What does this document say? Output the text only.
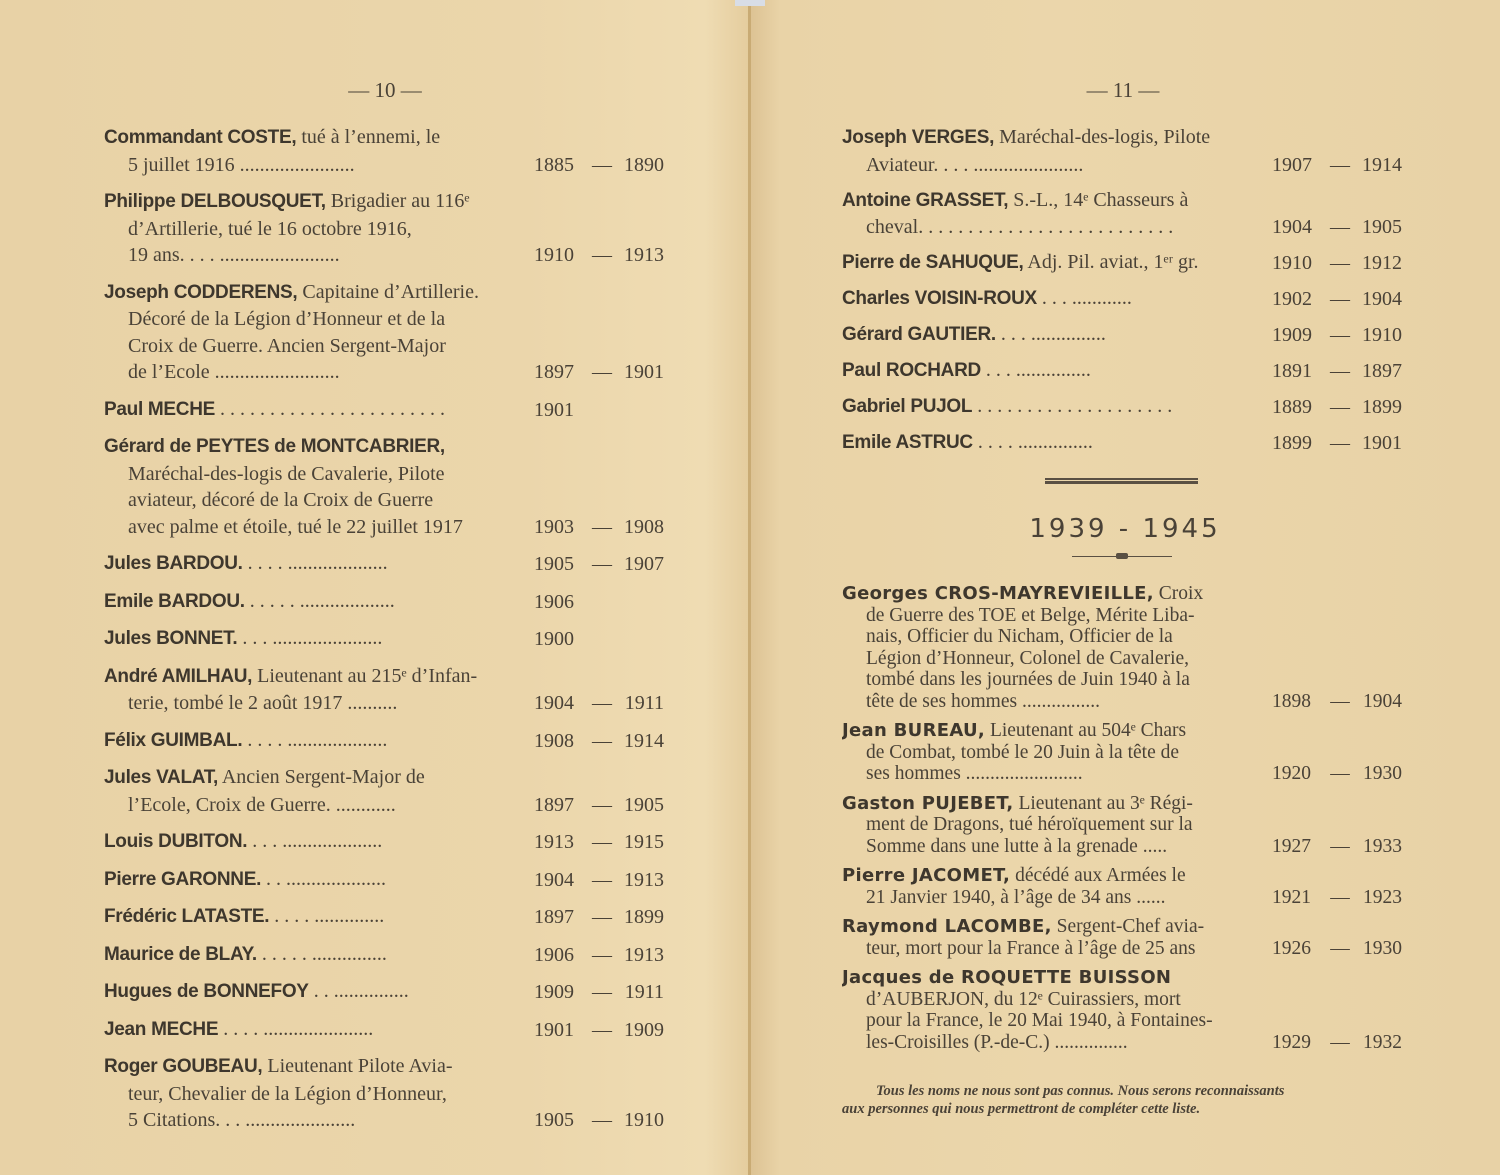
— 10 —	— 11 —
Commandant COSTE, tué à l’ennemi, le
5 juillet 1916 .......................	1885 — 1890
Philippe DELBOUSQUET, Brigadier au 116ᵉ
d’Artillerie, tué le 16 octobre 1916,
19 ans. . . . ........................	1910 — 1913
Joseph CODDERENS, Capitaine d’Artillerie.
Décoré de la Légion d’Honneur et de la
Croix de Guerre. Ancien Sergent-Major
de l’Ecole .........................	1897 — 1901
Paul MECHE . . . . . . . . . . . . . . . . . . . . . . .	1901
Gérard de PEYTES de MONTCABRIER,
Maréchal-des-logis de Cavalerie, Pilote
aviateur, décoré de la Croix de Guerre
avec palme et étoile, tué le 22 juillet 1917	1903 — 1908
Jules BARDOU. . . . . ....................	1905 — 1907
Emile BARDOU. . . . . . ...................	1906
Jules BONNET. . . . ......................	1900
André AMILHAU, Lieutenant au 215ᵉ d’Infan-
terie, tombé le 2 août 1917 ..........	1904 — 1911
Félix GUIMBAL. . . . . ....................	1908 — 1914
Jules VALAT, Ancien Sergent-Major de
l’Ecole, Croix de Guerre. ............	1897 — 1905
Louis DUBITON. . . . ....................	1913 — 1915
Pierre GARONNE. . . ....................	1904 — 1913
Frédéric LATASTE. . . . . ..............	1897 — 1899
Maurice de BLAY. . . . . . ...............	1906 — 1913
Hugues de BONNEFOY . . ...............	1909 — 1911
Jean MECHE . . . . ......................	1901 — 1909
Roger GOUBEAU, Lieutenant Pilote Avia-
teur, Chevalier de la Légion d’Honneur,
5 Citations. . . ......................	1905 — 1910
Joseph VERGES, Maréchal-des-logis, Pilote
Aviateur. . . . ......................	1907 — 1914
Antoine GRASSET, S.-L., 14ᵉ Chasseurs à
cheval. . . . . . . . . . . . . . . . . . . . . . . . . .	1904 — 1905
Pierre de SAHUQUE, Adj. Pil. aviat., 1ᵉʳ gr.	1910 — 1912
Charles VOISIN-ROUX . . . ............	1902 — 1904
Gérard GAUTIER. . . . ...............	1909 — 1910
Paul ROCHARD . . . ...............	1891 — 1897
Gabriel PUJOL . . . . . . . . . . . . . . . . . . . .	1889 — 1899
Emile ASTRUC . . . . ...............	1899 — 1901
1939 - 1945
Georges CROS-MAYREVIEILLE, Croix
de Guerre des TOE et Belge, Mérite Liba-
nais, Officier du Nicham, Officier de la
Légion d’Honneur, Colonel de Cavalerie,
tombé dans les journées de Juin 1940 à la
tête de ses hommes ................	1898 — 1904
Jean BUREAU, Lieutenant au 504ᵉ Chars
de Combat, tombé le 20 Juin à la tête de
ses hommes ........................	1920 — 1930
Gaston PUJEBET, Lieutenant au 3ᵉ Régi-
ment de Dragons, tué héroïquement sur la
Somme dans une lutte à la grenade .....	1927 — 1933
Pierre JACOMET, décédé aux Armées le
21 Janvier 1940, à l’âge de 34 ans ......	1921 — 1923
Raymond LACOMBE, Sergent-Chef avia-
teur, mort pour la France à l’âge de 25 ans	1926 — 1930
Jacques de ROQUETTE BUISSON
d’AUBERJON, du 12ᵉ Cuirassiers, mort
pour la France, le 20 Mai 1940, à Fontaines-
les-Croisilles (P.-de-C.) ...............	1929 — 1932
Tous les noms ne nous sont pas connus. Nous serons reconnaissants
aux personnes qui nous permettront de compléter cette liste.
